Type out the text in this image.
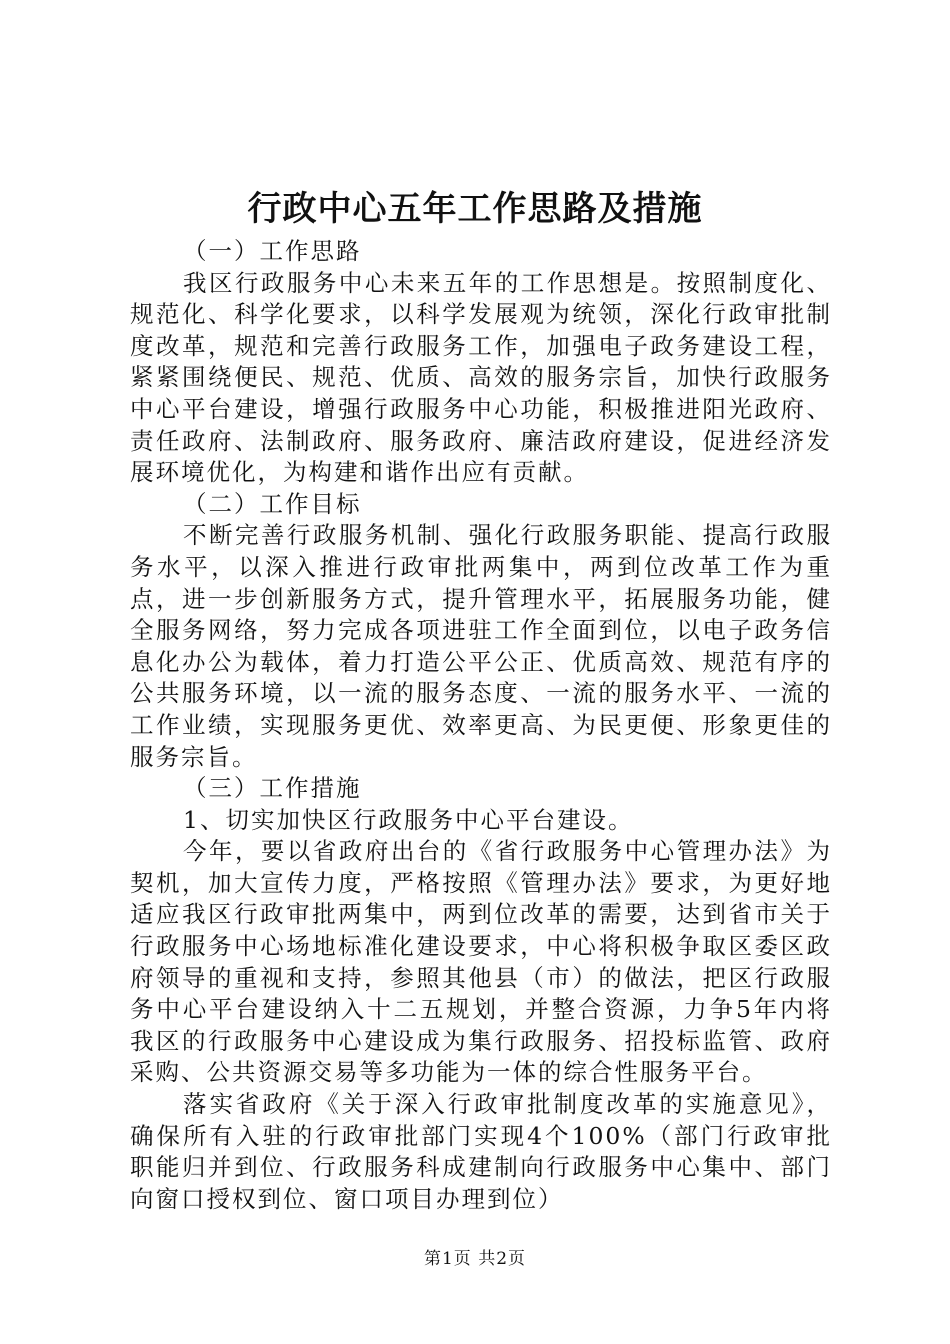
行政中心五年工作思路及措施

（一）工作思路

我区行政服务中心未来五年的工作思想是。按照制度化、规范化、科学化要求，以科学发展观为统领，深化行政审批制度改革，规范和完善行政服务工作，加强电子政务建设工程，紧紧围绕便民、规范、优质、高效的服务宗旨，加快行政服务中心平台建设，增强行政服务中心功能，积极推进阳光政府、责任政府、法制政府、服务政府、廉洁政府建设，促进经济发展环境优化，为构建和谐作出应有贡献。

（二）工作目标

不断完善行政服务机制、强化行政服务职能、提高行政服务水平，以深入推进行政审批两集中，两到位改革工作为重点，进一步创新服务方式，提升管理水平，拓展服务功能，健全服务网络，努力完成各项进驻工作全面到位，以电子政务信息化办公为载体，着力打造公平公正、优质高效、规范有序的公共服务环境，以一流的服务态度、一流的服务水平、一流的工作业绩，实现服务更优、效率更高、为民更便、形象更佳的服务宗旨。

（三）工作措施

1、切实加快区行政服务中心平台建设。

今年，要以省政府出台的《省行政服务中心管理办法》为契机，加大宣传力度，严格按照《管理办法》要求，为更好地适应我区行政审批两集中，两到位改革的需要，达到省市关于行政服务中心场地标准化建设要求，中心将积极争取区委区政府领导的重视和支持，参照其他县（市）的做法，把区行政服务中心平台建设纳入十二五规划，并整合资源，力争5年内将我区的行政服务中心建设成为集行政服务、招投标监管、政府采购、公共资源交易等多功能为一体的综合性服务平台。

落实省政府《关于深入行政审批制度改革的实施意见》，确保所有入驻的行政审批部门实现4个100%（部门行政审批职能归并到位、行政服务科成建制向行政服务中心集中、部门向窗口授权到位、窗口项目办理到位）

第1页 共2页
